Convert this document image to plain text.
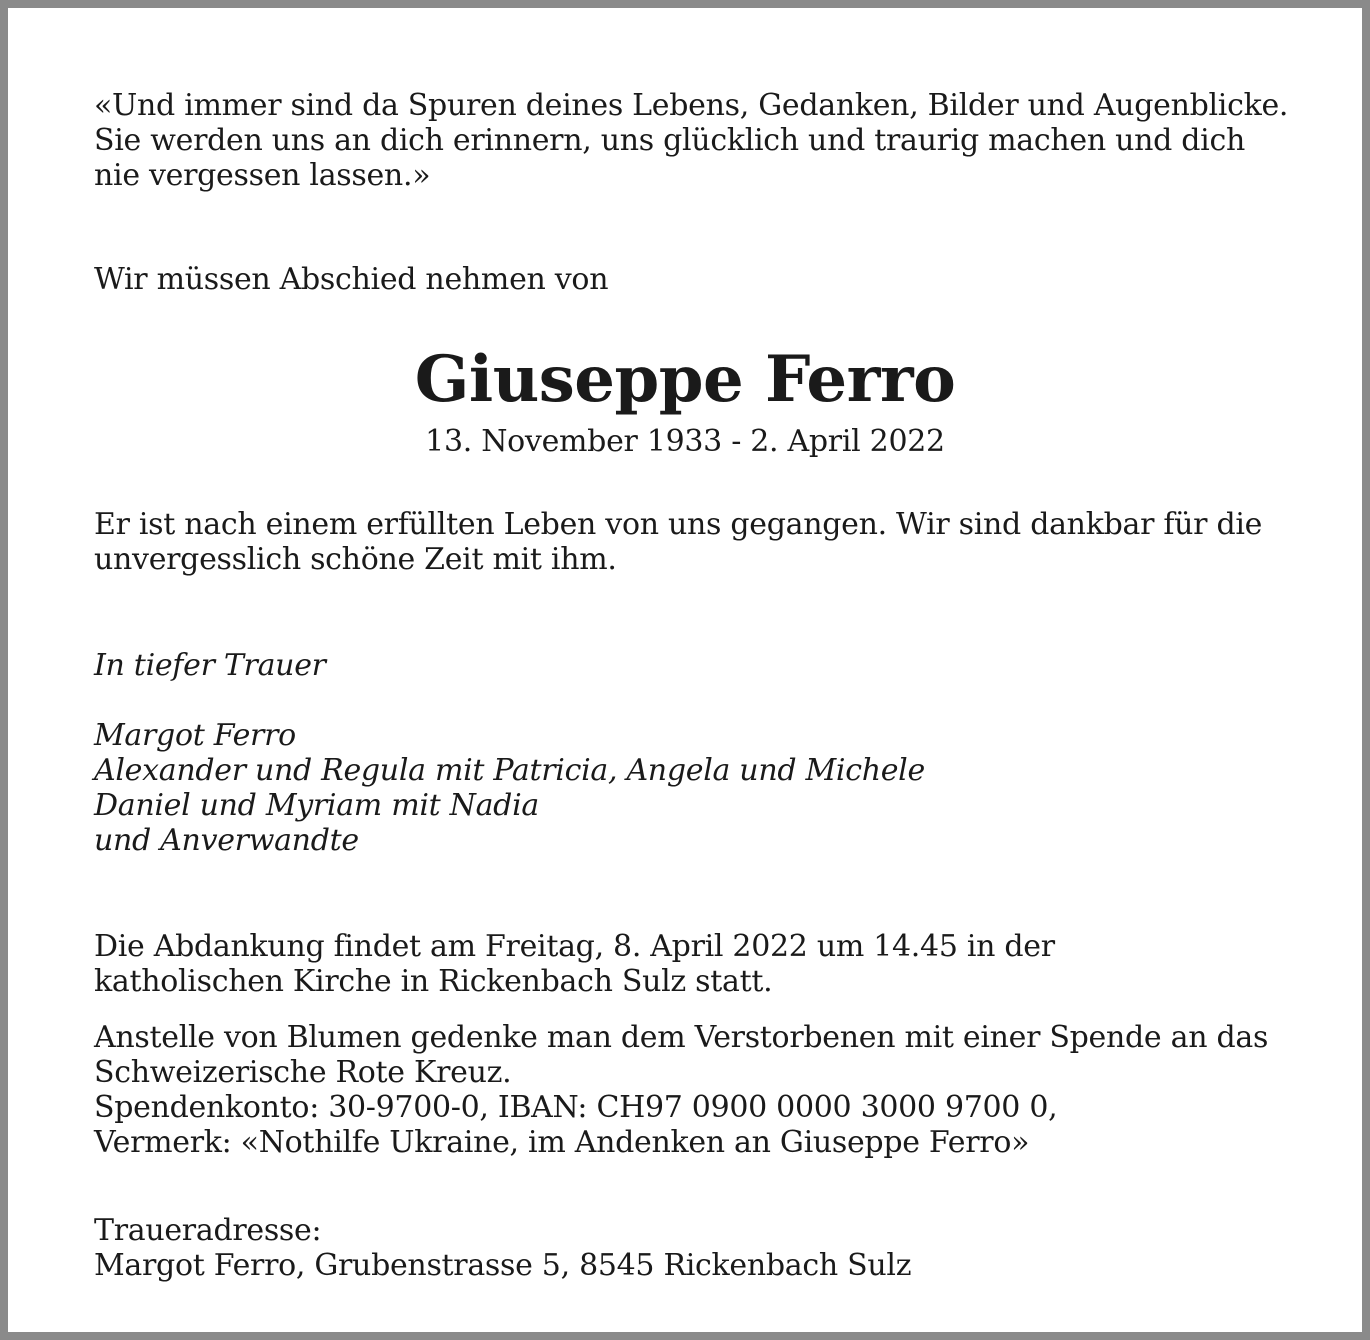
«Und immer sind da Spuren deines Lebens, Gedanken, Bilder und Augenblicke.
Sie werden uns an dich erinnern, uns glücklich und traurig machen und dich
nie vergessen lassen.»
Wir müssen Abschied nehmen von
Giuseppe Ferro
13. November 1933 - 2. April 2022
Er ist nach einem erfüllten Leben von uns gegangen. Wir sind dankbar für die
unvergesslich schöne Zeit mit ihm.
In tiefer Trauer
Margot Ferro
Alexander und Regula mit Patricia, Angela und Michele
Daniel und Myriam mit Nadia
und Anverwandte
Die Abdankung findet am Freitag, 8. April 2022 um 14.45 in der
katholischen Kirche in Rickenbach Sulz statt.
Anstelle von Blumen gedenke man dem Verstorbenen mit einer Spende an das
Schweizerische Rote Kreuz.
Spendenkonto: 30-9700-0, IBAN: CH97 0900 0000 3000 9700 0,
Vermerk: «Nothilfe Ukraine, im Andenken an Giuseppe Ferro»
Traueradresse:
Margot Ferro, Grubenstrasse 5, 8545 Rickenbach Sulz
